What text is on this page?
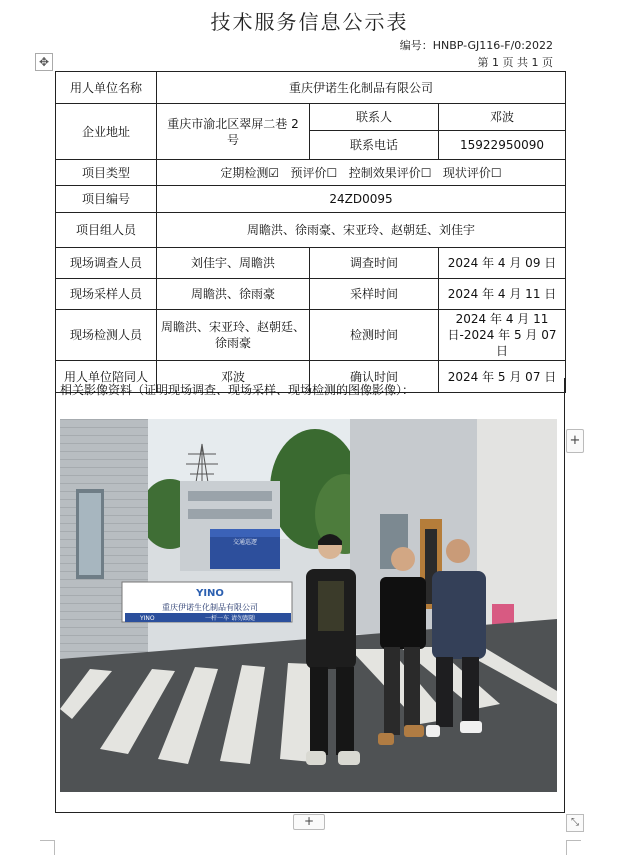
技术服务信息公示表
编号：HNBP-GJ116-F/0:2022
第 1 页 共 1 页
✥
用人单位名称	重庆伊诺生化制品有限公司		
企业地址	重庆市渝北区翠屏二巷 2 号	联系人	邓波
		联系电话	15922950090
项目类型	定期检测☑   预评价☐   控制效果评价☐   现状评价☐		
项目编号	24ZD0095		
项目组人员	周瞻洪、徐雨豪、宋亚玲、赵朝廷、刘佳宇		
现场调查人员	刘佳宇、周瞻洪	调查时间	2024 年 4 月 09 日
现场采样人员	周瞻洪、徐雨豪	采样时间	2024 年 4 月 11 日
现场检测人员	周瞻洪、宋亚玲、赵朝廷、徐雨豪	检测时间	2024 年 4 月 11 日-2024 年 5 月 07 日
用人单位陪同人	邓波	确认时间	2024 年 5 月 07 日
相关影像资料（证明现场调查、现场采样、现场检测的图像影像）：
交通巡逻
YINO
重庆伊诺生化制品有限公司
YINO	一杆一车 请勿跟随
+
+	⤡
